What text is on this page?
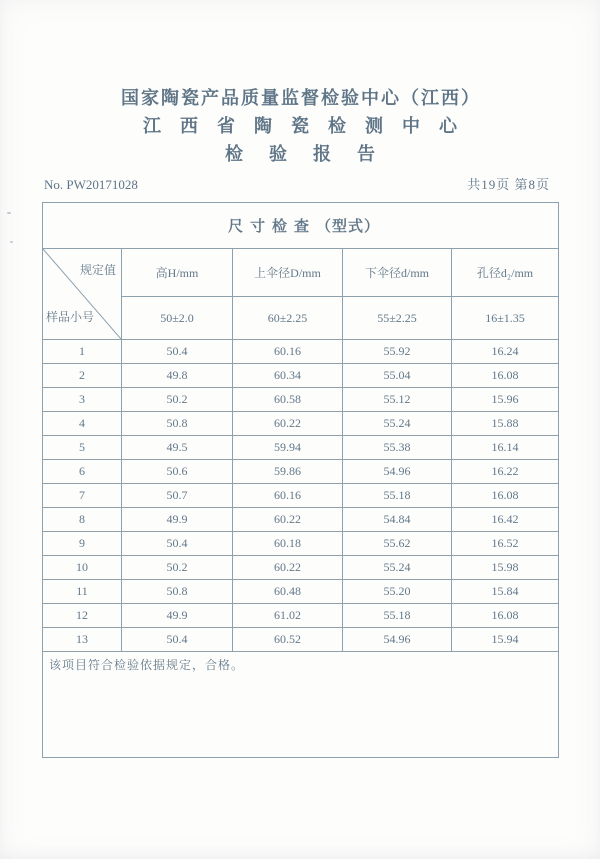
国家陶瓷产品质量监督检验中心（江西）
江西省陶瓷检测中心
检验报告
No. PW20171028	共19页 第8页
尺寸检查（型式）				

规定值
样品小号	高H/mm	上伞径D/mm	下伞径d/mm	孔径d₂/mm
	50±2.0	60±2.25	55±2.25	16±1.35
1	50.4	60.16	55.92	16.24
2	49.8	60.34	55.04	16.08
3	50.2	60.58	55.12	15.96
4	50.8	60.22	55.24	15.88
5	49.5	59.94	55.38	16.14
6	50.6	59.86	54.96	16.22
7	50.7	60.16	55.18	16.08
8	49.9	60.22	54.84	16.42
9	50.4	60.18	55.62	16.52
10	50.2	60.22	55.24	15.98
11	50.8	60.48	55.20	15.84
12	49.9	61.02	55.18	16.08
13	50.4	60.52	54.96	15.94
该项目符合检验依据规定，合格。				
